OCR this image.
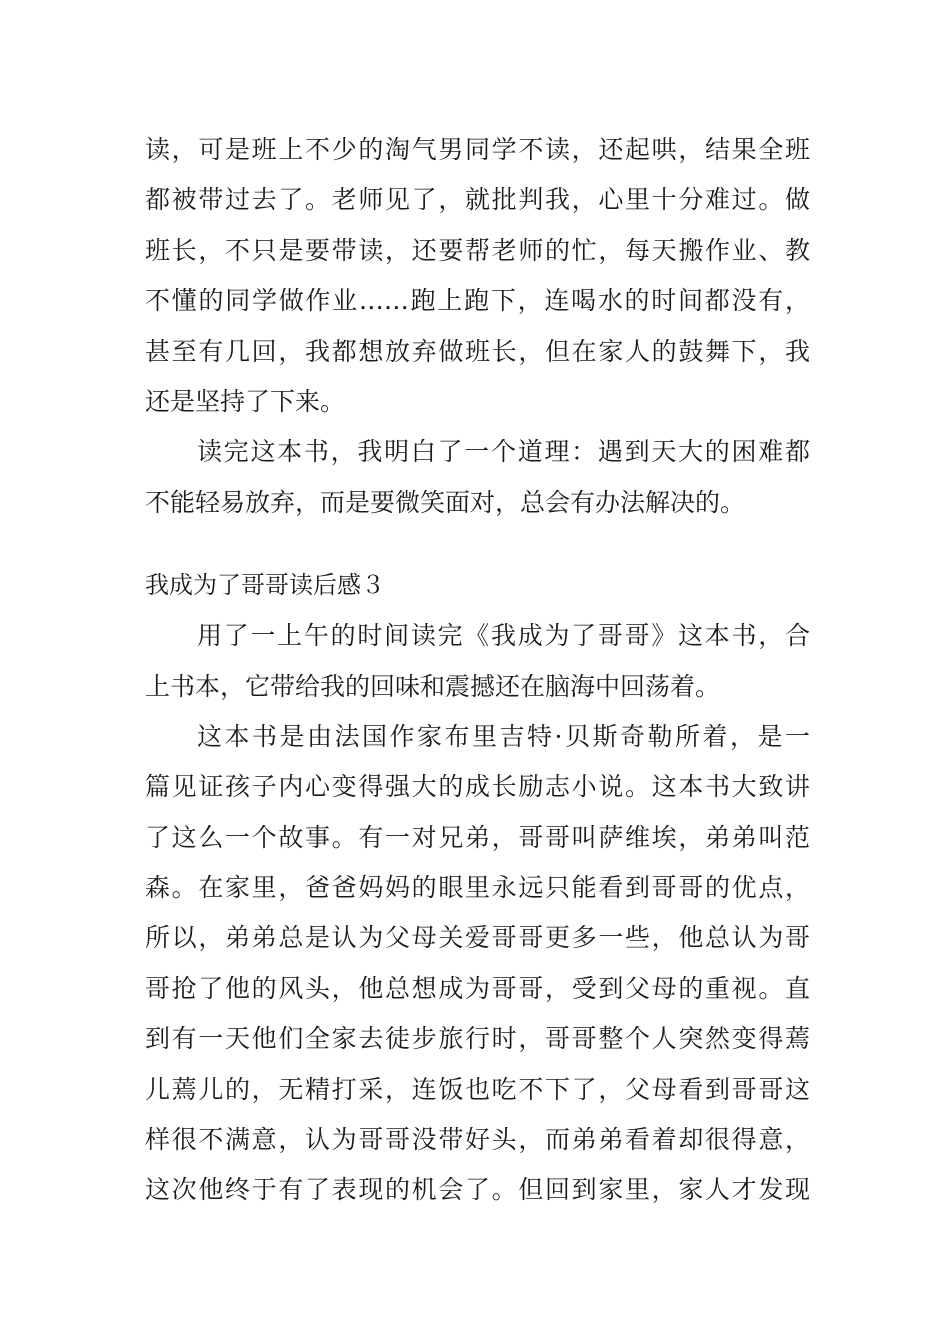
读，可是班上不少的淘气男同学不读，还起哄，结果全班
都被带过去了。老师见了，就批判我，心里十分难过。做
班长，不只是要带读，还要帮老师的忙，每天搬作业、教
不懂的同学做作业……跑上跑下，连喝水的时间都没有，
甚至有几回，我都想放弃做班长，但在家人的鼓舞下，我
还是坚持了下来。
读完这本书，我明白了一个道理：遇到天大的困难都
不能轻易放弃，而是要微笑面对，总会有办法解决的。
我成为了哥哥读后感３
用了一上午的时间读完《我成为了哥哥》这本书，合
上书本，它带给我的回味和震撼还在脑海中回荡着。
这本书是由法国作家布里吉特·贝斯奇勒所着，是一
篇见证孩子内心变得强大的成长励志小说。这本书大致讲
了这么一个故事。有一对兄弟，哥哥叫萨维埃，弟弟叫范
森。在家里，爸爸妈妈的眼里永远只能看到哥哥的优点，
所以，弟弟总是认为父母关爱哥哥更多一些，他总认为哥
哥抢了他的风头，他总想成为哥哥，受到父母的重视。直
到有一天他们全家去徒步旅行时，哥哥整个人突然变得蔫
儿蔫儿的，无精打采，连饭也吃不下了，父母看到哥哥这
样很不满意，认为哥哥没带好头，而弟弟看着却很得意，
这次他终于有了表现的机会了。但回到家里，家人才发现
